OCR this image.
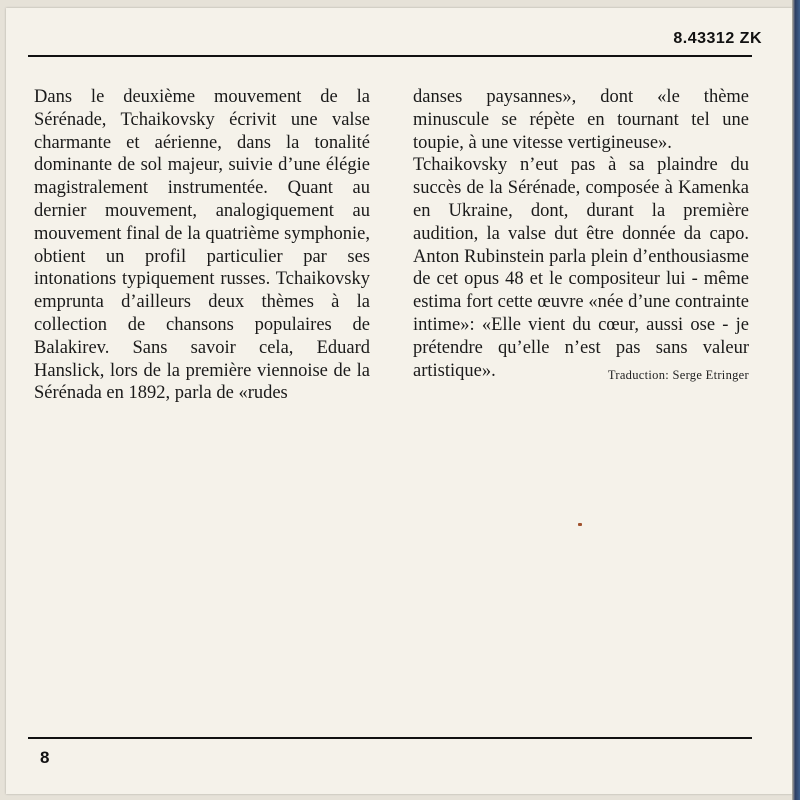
8.43312 ZK

Dans le deuxième mouvement de la Sérénade, Tchaikovsky écrivit une valse charmante et aérienne, dans la tonalité dominante de sol majeur, suivie d’une élégie magistralement instrumentée. Quant au dernier mouvement, analogiquement au mouvement final de la quatrième symphonie, obtient un profil particulier par ses intonations typiquement russes. Tchaikovsky emprunta d’ailleurs deux thèmes à la collection de chansons populaires de Balakirev. Sans savoir cela, Eduard Hanslick, lors de la première viennoise de la Sérénada en 1892, parla de «rudes

danses paysannes», dont «le thème minuscule se répète en tournant tel une toupie, à une vitesse vertigineuse».

Tchaikovsky n’eut pas à sa plaindre du succès de la Sérénade, composée à Kamenka en Ukraine, dont, durant la première audition, la valse dut être donnée da capo. Anton Rubinstein parla plein d’enthousiasme de cet opus 48 et le compositeur lui - même estima fort cette œuvre «née d’une contrainte intime»: «Elle vient du cœur, aussi ose - je prétendre qu’elle n’est pas sans valeur artistique».	Traduction: Serge Etringer

8
